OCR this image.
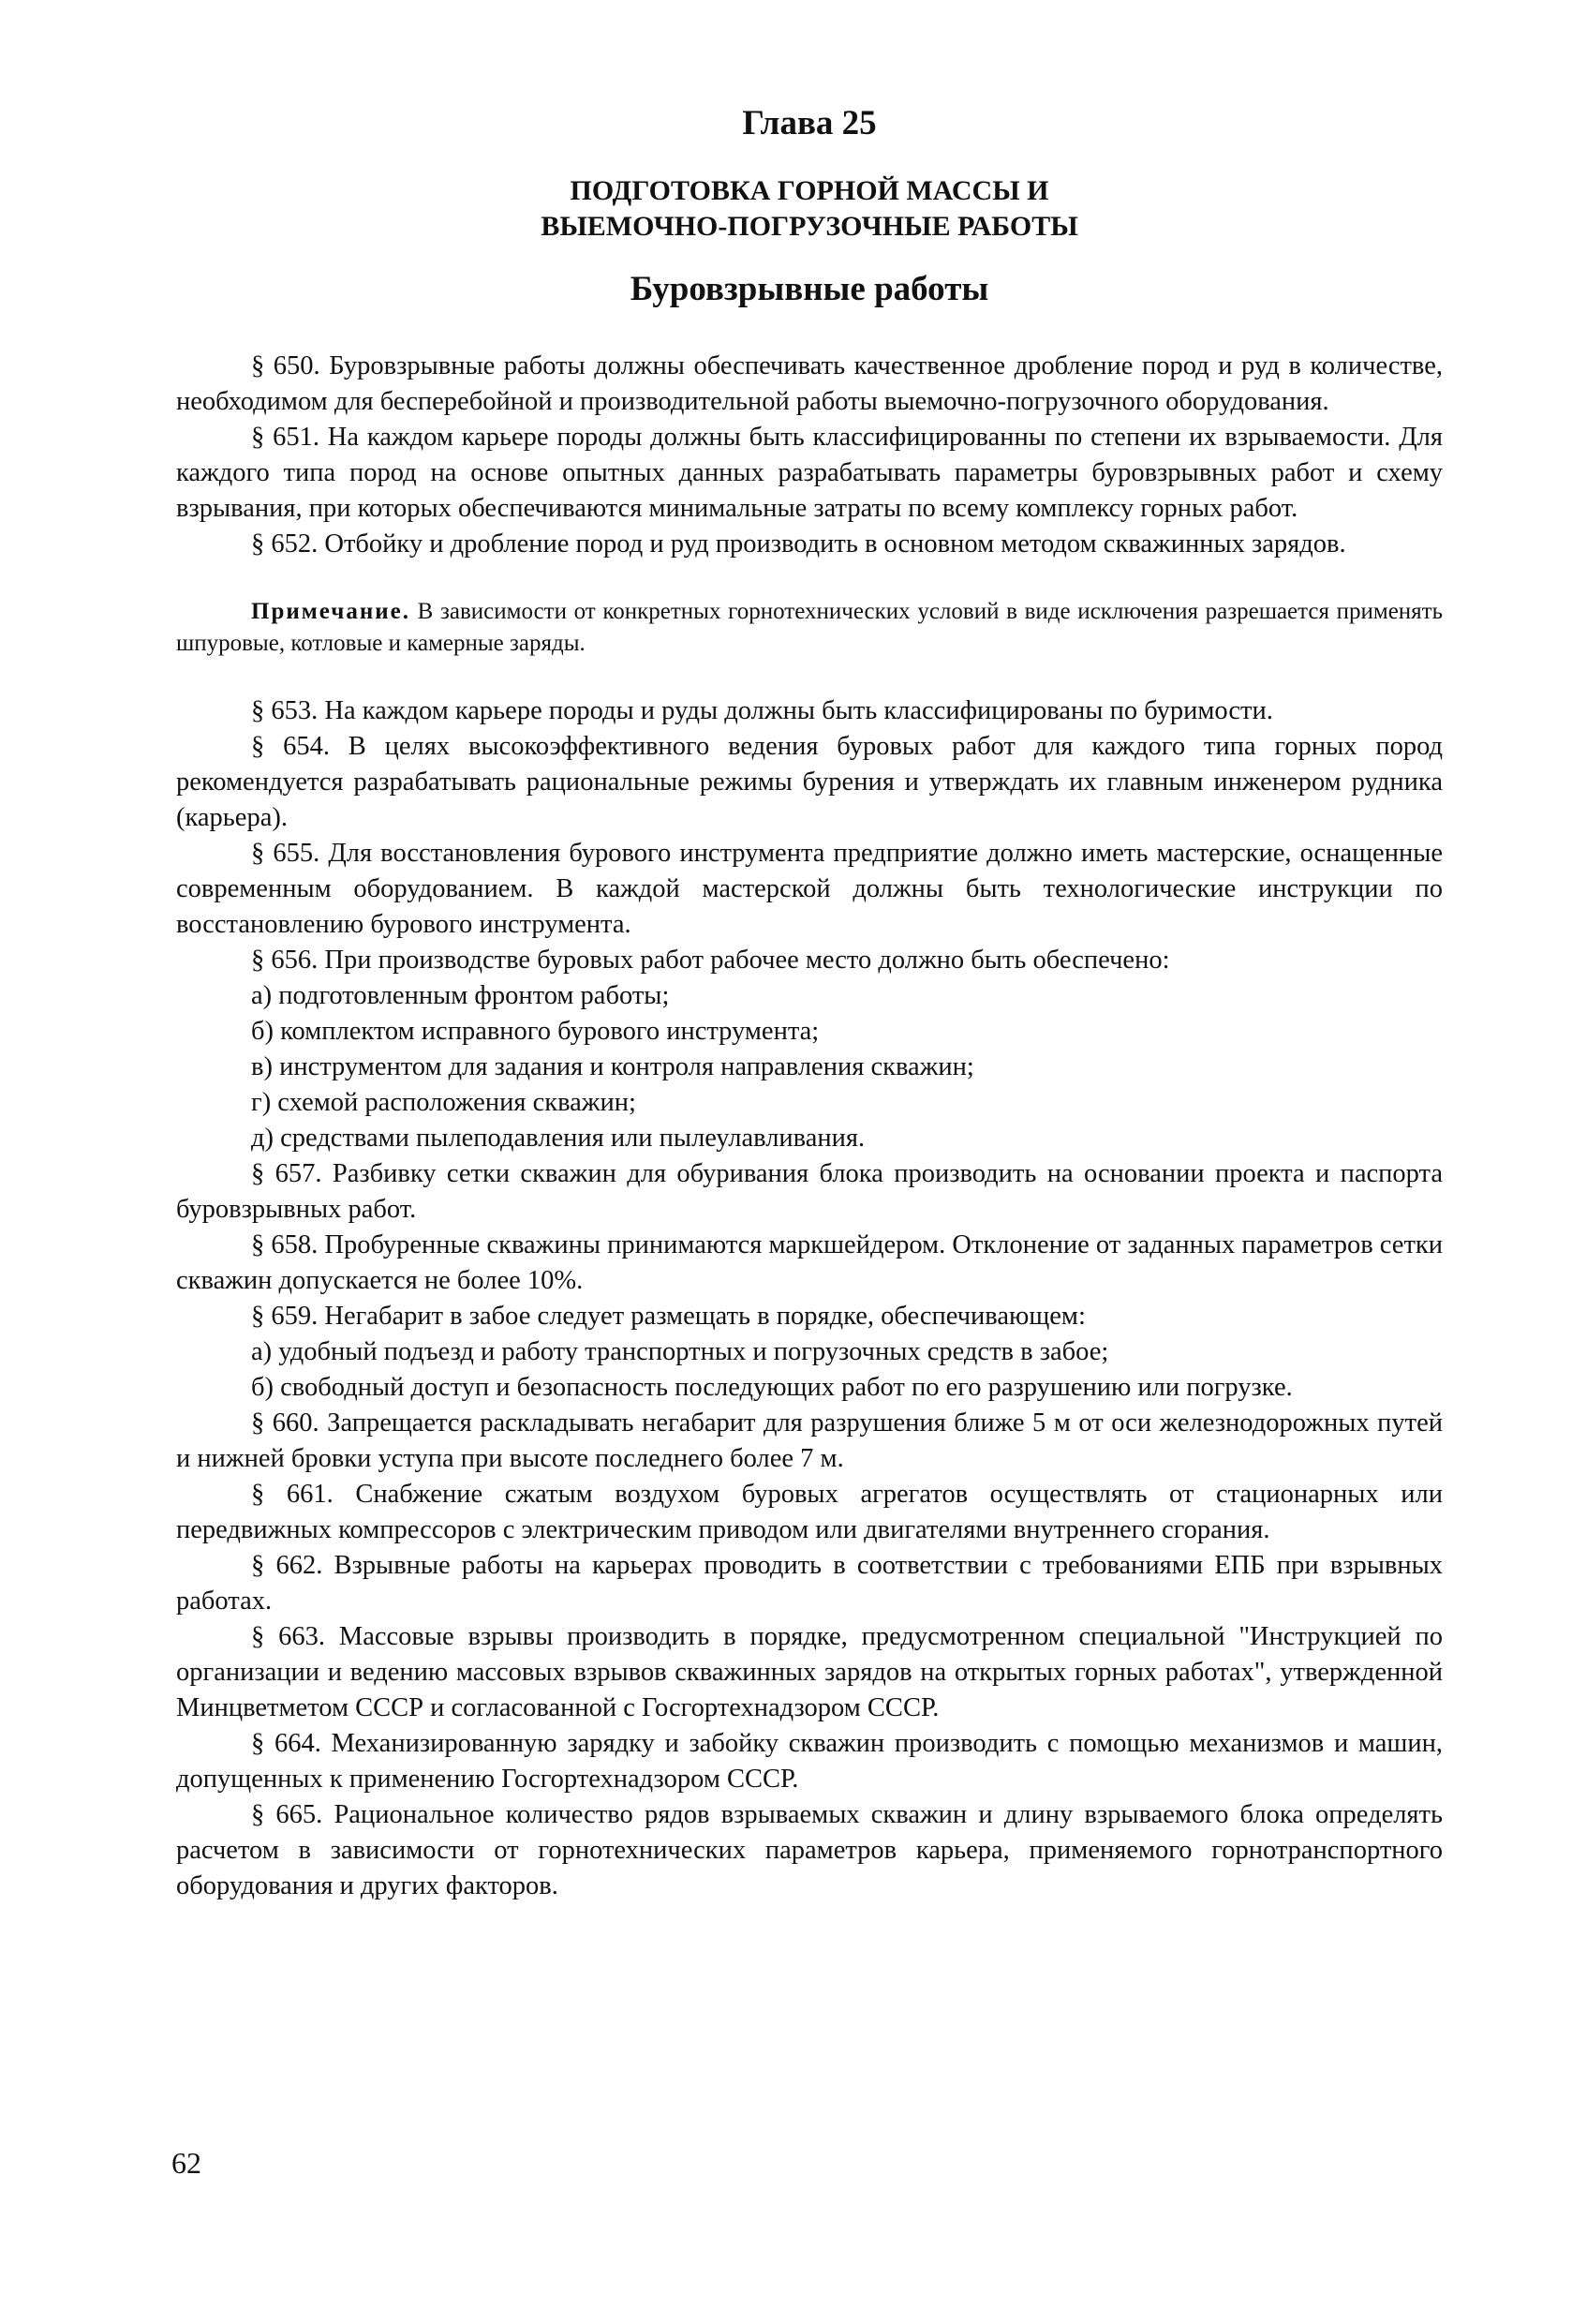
Глава 25
ПОДГОТОВКА ГОРНОЙ МАССЫ И
ВЫЕМОЧНО-ПОГРУЗОЧНЫЕ РАБОТЫ
Буровзрывные работы

§ 650. Буровзрывные работы должны обеспечивать качественное дробление пород и руд в количестве, необходимом для бесперебойной и производительной работы выемочно-погрузочного оборудования.

§ 651. На каждом карьере породы должны быть классифицированны по степени их взрываемости. Для каждого типа пород на основе опытных данных разрабатывать параметры буровзрывных работ и схему взрывания, при которых обеспечиваются минимальные затраты по всему комплексу горных работ.

§ 652. Отбойку и дробление пород и руд производить в основном методом скважинных зарядов.

Примечание. В зависимости от конкретных горнотехнических условий в виде исключения разрешается применять шпуровые, котловые и камерные заряды.

§ 653. На каждом карьере породы и руды должны быть классифицированы по буримости.

§ 654. В целях высокоэффективного ведения буровых работ для каждого типа горных пород рекомендуется разрабатывать рациональные режимы бурения и утверждать их главным инженером рудника (карьера).

§ 655. Для восстановления бурового инструмента предприятие должно иметь мастерские, оснащенные современным оборудованием. В каждой мастерской должны быть технологические инструкции по восстановлению бурового инструмента.

§ 656. При производстве буровых работ рабочее место должно быть обеспечено:

а) подготовленным фронтом работы;

б) комплектом исправного бурового инструмента;

в) инструментом для задания и контроля направления скважин;

г) схемой расположения скважин;

д) средствами пылеподавления или пылеулавливания.

§ 657. Разбивку сетки скважин для обуривания блока производить на основании проекта и паспорта буровзрывных работ.

§ 658. Пробуренные скважины принимаются маркшейдером. Отклонение от заданных параметров сетки скважин допускается не более 10%.

§ 659. Негабарит в забое следует размещать в порядке, обеспечивающем:

а) удобный подъезд и работу транспортных и погрузочных средств в забое;

б) свободный доступ и безопасность последующих работ по его разрушению или погрузке.

§ 660. Запрещается раскладывать негабарит для разрушения ближе 5 м от оси железнодорожных путей и нижней бровки уступа при высоте последнего более 7 м.

§ 661. Снабжение сжатым воздухом буровых агрегатов осуществлять от стационарных или передвижных компрессоров с электрическим приводом или двигателями внутреннего сгорания.

§ 662. Взрывные работы на карьерах проводить в соответствии с требованиями ЕПБ при взрывных работах.

§ 663. Массовые взрывы производить в порядке, предусмотренном специальной "Инструкцией по организации и ведению массовых взрывов скважинных зарядов на открытых горных работах", утвержденной Минцветметом СССР и согласованной с Госгортехнадзором СССР.

§ 664. Механизированную зарядку и забойку скважин производить с помощью механизмов и машин, допущенных к применению Госгортехнадзором СССР.

§ 665. Рациональное количество рядов взрываемых скважин и длину взрываемого блока определять расчетом в зависимости от горнотехнических параметров карьера, применяемого горнотранспортного оборудования и других факторов.

62
